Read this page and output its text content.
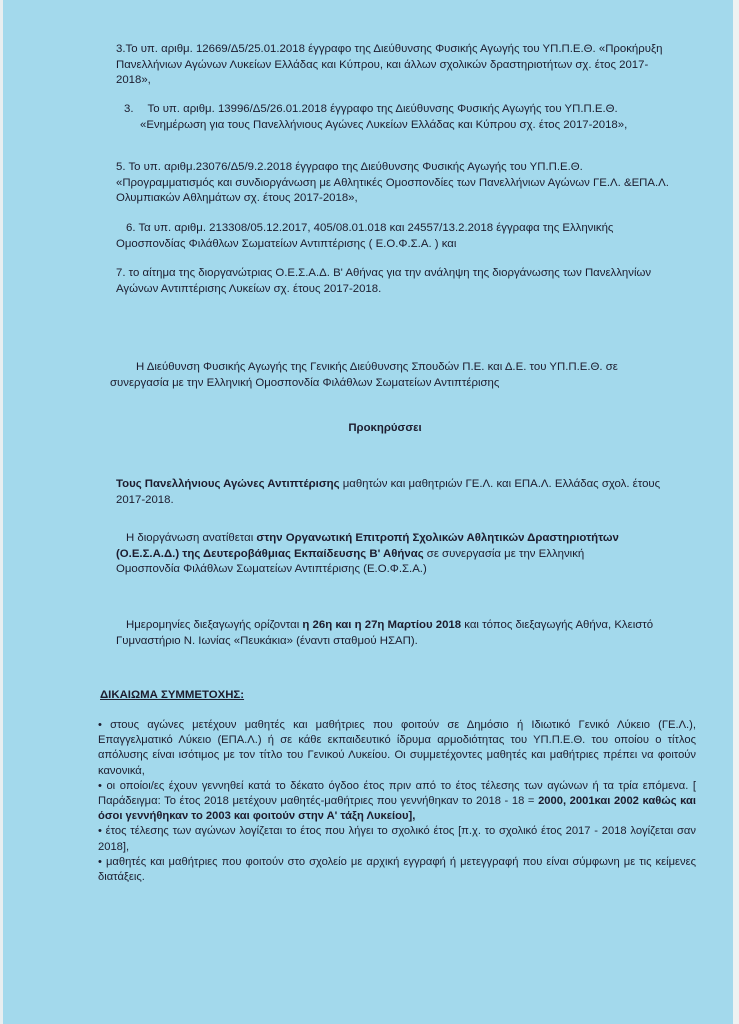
3.Το υπ. αριθμ. 12669/Δ5/25.01.2018 έγγραφο της Διεύθυνσης Φυσικής Αγωγής του ΥΠ.Π.Ε.Θ. «Προκήρυξη

Πανελλήνιων Αγώνων Λυκείων Ελλάδας και Κύπρου, και άλλων σχολικών δραστηριοτήτων σχ. έτος 2017-

2018»,

3. Το υπ. αριθμ. 13996/Δ5/26.01.2018 έγγραφο της Διεύθυνσης Φυσικής Αγωγής του ΥΠ.Π.Ε.Θ.

«Ενημέρωση για τους Πανελλήνιους Αγώνες Λυκείων Ελλάδας και Κύπρου σχ. έτος 2017-2018»,

5. Το υπ. αριθμ.23076/Δ5/9.2.2018 έγγραφο της Διεύθυνσης Φυσικής Αγωγής του ΥΠ.Π.Ε.Θ.

«Προγραμματισμός και συνδιοργάνωση με Αθλητικές Ομοσπονδίες των Πανελλήνιων Αγώνων ΓΕ.Λ. &ΕΠΑ.Λ.

Ολυμπιακών Αθλημάτων σχ. έτους 2017-2018»,

6. Τα υπ. αριθμ. 213308/05.12.2017, 405/08.01.018 και 24557/13.2.2018 έγγραφα της Ελληνικής

Ομοσπονδίας Φιλάθλων Σωματείων Αντιπτέρισης ( Ε.Ο.Φ.Σ.Α. ) και

7. το αίτημα της διοργανώτριας Ο.Ε.Σ.Α.Δ. Β' Αθήνας για την ανάληψη της διοργάνωσης των Πανελληνίων

Αγώνων Αντιπτέρισης Λυκείων σχ. έτους 2017-2018.

Η Διεύθυνση Φυσικής Αγωγής της Γενικής Διεύθυνσης Σπουδών Π.Ε. και Δ.Ε. του ΥΠ.Π.Ε.Θ. σε

συνεργασία με την Ελληνική Ομοσπονδία Φιλάθλων Σωματείων Αντιπτέρισης

Προκηρύσσει

Τους Πανελλήνιους Αγώνες Αντιπτέρισης μαθητών και μαθητριών ΓΕ.Λ. και ΕΠΑ.Λ. Ελλάδας σχολ. έτους

2017-2018.

Η διοργάνωση ανατίθεται στην Οργανωτική Επιτροπή Σχολικών Αθλητικών Δραστηριοτήτων

(Ο.Ε.Σ.Α.Δ.) της Δευτεροβάθμιας Εκπαίδευσης Β' Αθήνας σε συνεργασία με την Ελληνική

Ομοσπονδία Φιλάθλων Σωματείων Αντιπτέρισης (Ε.Ο.Φ.Σ.Α.)

Ημερομηνίες διεξαγωγής ορίζονται η 26η και η 27η Μαρτίου 2018 και τόπος διεξαγωγής Αθήνα, Κλειστό

Γυμναστήριο Ν. Ιωνίας «Πευκάκια» (έναντι σταθμού ΗΣΑΠ).

ΔΙΚΑΙΩΜΑ ΣΥΜΜΕΤΟΧΗΣ:

• στους αγώνες μετέχουν μαθητές και μαθήτριες που φοιτούν σε Δημόσιο ή Ιδιωτικό Γενικό Λύκειο (ΓΕ.Λ.), Επαγγελματικό Λύκειο (ΕΠΑ.Λ.) ή σε κάθε εκπαιδευτικό ίδρυμα αρμοδιότητας του ΥΠ.Π.Ε.Θ. του οποίου ο τίτλος απόλυσης είναι ισότιμος με τον τίτλο του Γενικού Λυκείου. Οι συμμετέχοντες μαθητές και μαθήτριες πρέπει να φοιτούν κανονικά,

• οι οποίοι/ες έχουν γεννηθεί κατά το δέκατο όγδοο έτος πριν από το έτος τέλεσης των αγώνων ή τα τρία επόμενα. [ Παράδειγμα: Το έτος 2018 μετέχουν μαθητές-μαθήτριες που γεννήθηκαν το 2018 - 18 = 2000, 2001και 2002 καθώς και όσοι γεννήθηκαν το 2003 και φοιτούν στην Α' τάξη Λυκείου],

• έτος τέλεσης των αγώνων λογίζεται το έτος που λήγει το σχολικό έτος [π.χ. το σχολικό έτος 2017 - 2018 λογίζεται σαν 2018],

• μαθητές και μαθήτριες που φοιτούν στο σχολείο με αρχική εγγραφή ή μετεγγραφή που είναι σύμφωνη με τις κείμενες διατάξεις.
